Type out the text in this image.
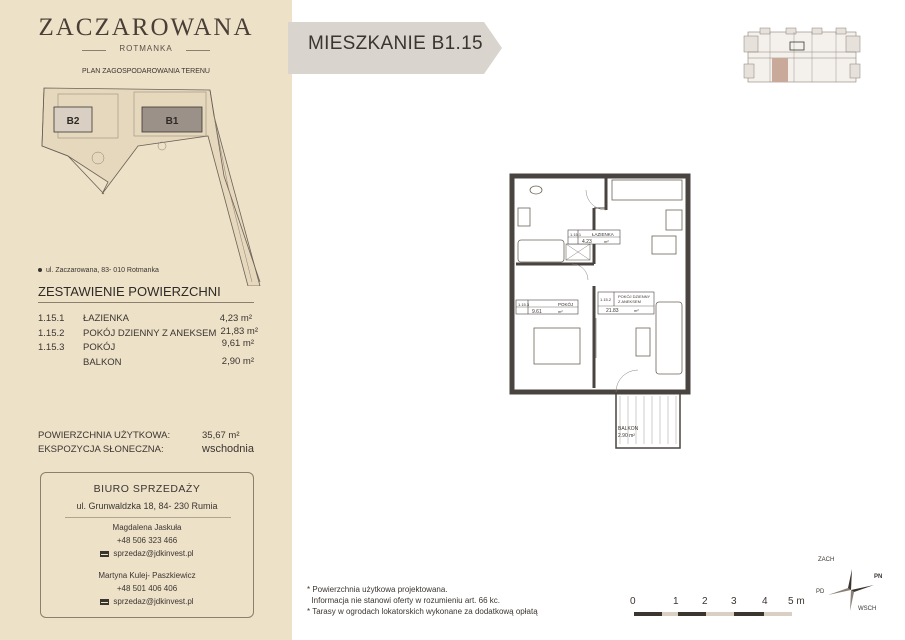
ZACZAROWANA
ROTMANKA
PLAN ZAGOSPODAROWANIA TERENU
B2	B1
ul. Zaczarowana, 83- 010 Rotmanka
ZESTAWIENIE POWIERZCHNI
1.15.1 ŁAZIENKA	4,23 m²
1.15.2 POKÓJ DZIENNY Z ANEKSEM 21,83 m²
1.15.3 POKÓJ	9,61 m²
BALKON	2,90 m²
POWIERZCHNIA UŻYTKOWA:	35,67 m²
EKSPOZYCJA SŁONECZNA:	wschodnia
BIURO SPRZEDAŻY
ul. Grunwaldzka 18, 84- 230 Rumia
Magdalena Jaskuła
+48 506 323 466
sprzedaz@jdkinvest.pl
Martyna Kulej- Paszkiewicz
+48 501 406 406
sprzedaz@jdkinvest.pl
MIESZKANIE B1.15
1.15.1 ŁAZIENKA
4.23	m²
1.15.2
POKÓJ DZIENNY
Z ANEKSEM
21.83	m²
1.15.3	POKÓJ
9.61	m²
BALKON
2.90 m²
* Powierzchnia użytkowa projektowana.
Informacja nie stanowi oferty w rozumieniu art. 66 kc.
* Tarasy w ogrodach lokatorskich wykonane za dodatkową opłatą
0	1 2 3	4 5 m
ZACH
PN
PD
WSCH
